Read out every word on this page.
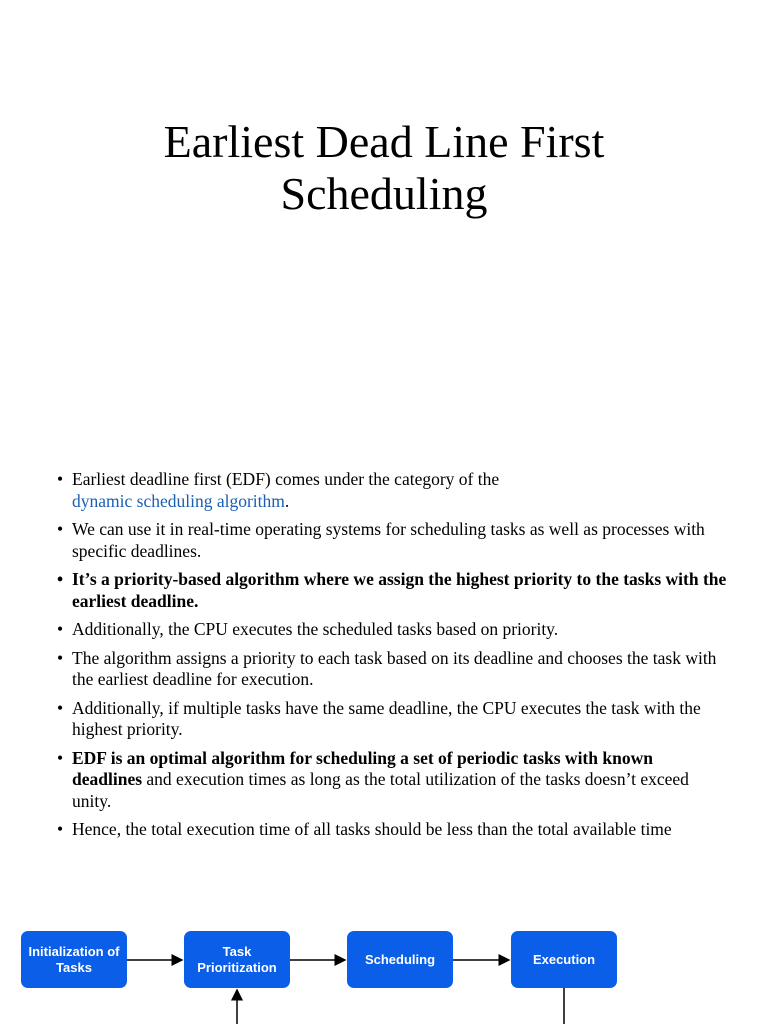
Earliest Dead Line First
Scheduling
• Earliest deadline first (EDF) comes under the category of the
dynamic scheduling algorithm.
• We can use it in real-time operating systems for scheduling tasks as well as processes with specific deadlines.
• It’s a priority-based algorithm where we assign the highest priority to the tasks with the earliest deadline.
• Additionally, the CPU executes the scheduled tasks based on priority.
• The algorithm assigns a priority to each task based on its deadline and chooses the task with the earliest deadline for execution.
• Additionally, if multiple tasks have the same deadline, the CPU executes the task with the highest priority.
• EDF is an optimal algorithm for scheduling a set of periodic tasks with known deadlines and execution times as long as the total utilization of the tasks doesn’t exceed unity.
• Hence, the total execution time of all tasks should be less than the total available time
Initialization of Tasks
Task Prioritization
Scheduling	Execution
